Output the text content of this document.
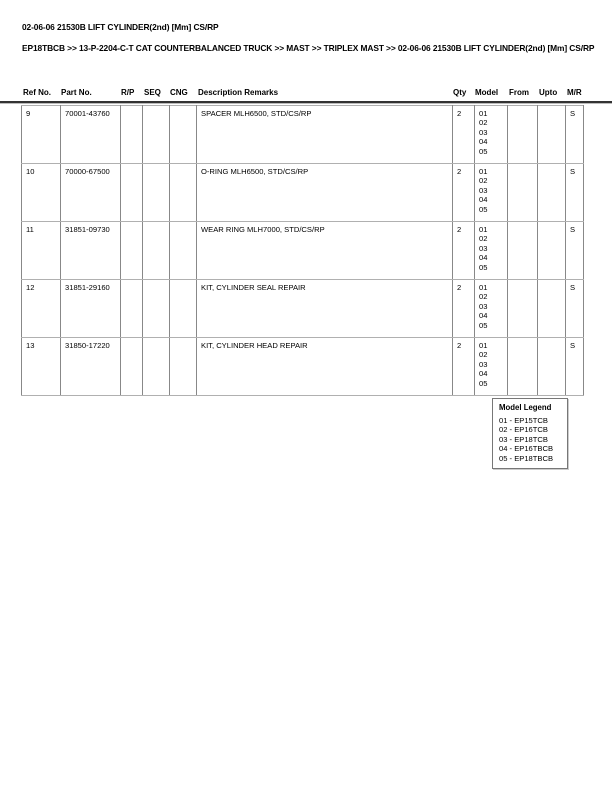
02-06-06 21530B LIFT CYLINDER(2nd) [Mm] CS/RP
EP18TBCB >> 13-P-2204-C-T CAT COUNTERBALANCED TRUCK >> MAST >> TRIPLEX MAST >> 02-06-06 21530B LIFT CYLINDER(2nd) [Mm] CS/RP
Ref No. Part No.	R/P SEQ CNG Description Remarks	Qty Model From Upto M/R
9	70001-43760				SPACER MLH6500, STD/CS/RP	2	01
02
03
04
05			S
10	70000-67500				O-RING MLH6500, STD/CS/RP	2	01
02
03
04
05			S
11	31851-09730				WEAR RING MLH7000, STD/CS/RP	2	01
02
03
04
05			S
12	31851-29160				KIT, CYLINDER SEAL REPAIR	2	01
02
03
04
05			S
13	31850-17220				KIT, CYLINDER HEAD REPAIR	2	01
02
03
04
05			S
Model Legend
01 - EP15TCB
02 - EP16TCB
03 - EP18TCB
04 - EP16TBCB
05 - EP18TBCB
